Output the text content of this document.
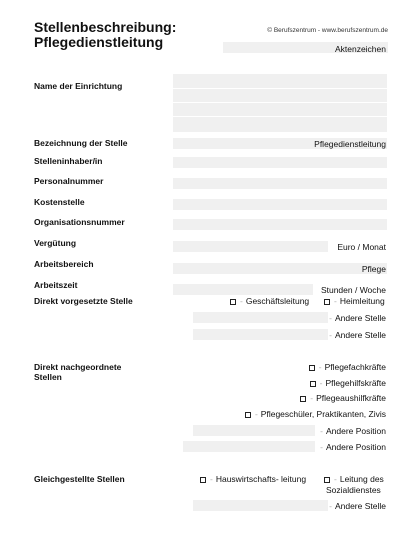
Stellenbeschreibung:
Pflegedienstleitung
© Berufszentrum - www.berufszentrum.de
Aktenzeichen
Name der Einrichtung
Bezeichnung der Stelle	Pflegedienstleitung
Stelleninhaber/in
Personalnummer
Kostenstelle
Organisationsnummer
Vergütung	Euro / Monat
Arbeitsbereich	Pflege
Arbeitszeit	Stunden / Woche
Direkt vorgesetzte Stelle	- Geschäftsleitung	- Heimleitung
- Andere Stelle
- Andere Stelle
Direkt nachgeordnete
Stellen
- Pflegefachkräfte
- Pflegehilfskräfte
- Pflegeaushilfkräfte
- Pflegeschüler, Praktikanten, Zivis
- Andere Position
- Andere Position
Gleichgestellte Stellen	- Hauswirtschafts- leitung	- Leitung des
Sozialdienstes
- Andere Stelle
